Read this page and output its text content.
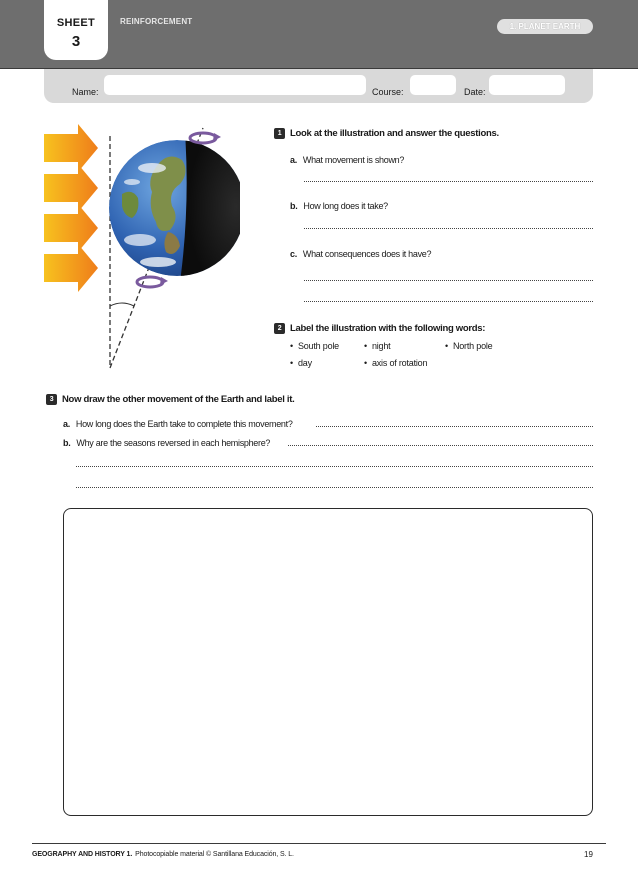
SHEET
3
REINFORCEMENT
1. PLANET EARTH
Name:	Course:	Date:
1 Look at the illustration and answer the questions.
a. What movement is shown?
b. How long does it take?
c. What consequences does it have?
2 Label the illustration with the following words:
• South pole	• night	• North pole
• day	• axis of rotation
3 Now draw the other movement of the Earth and label it.
a. How long does the Earth take to complete this movement?
b. Why are the seasons reversed in each hemisphere?
GEOGRAPHY AND HISTORY 1. Photocopiable material © Santillana Educación, S. L.	19
